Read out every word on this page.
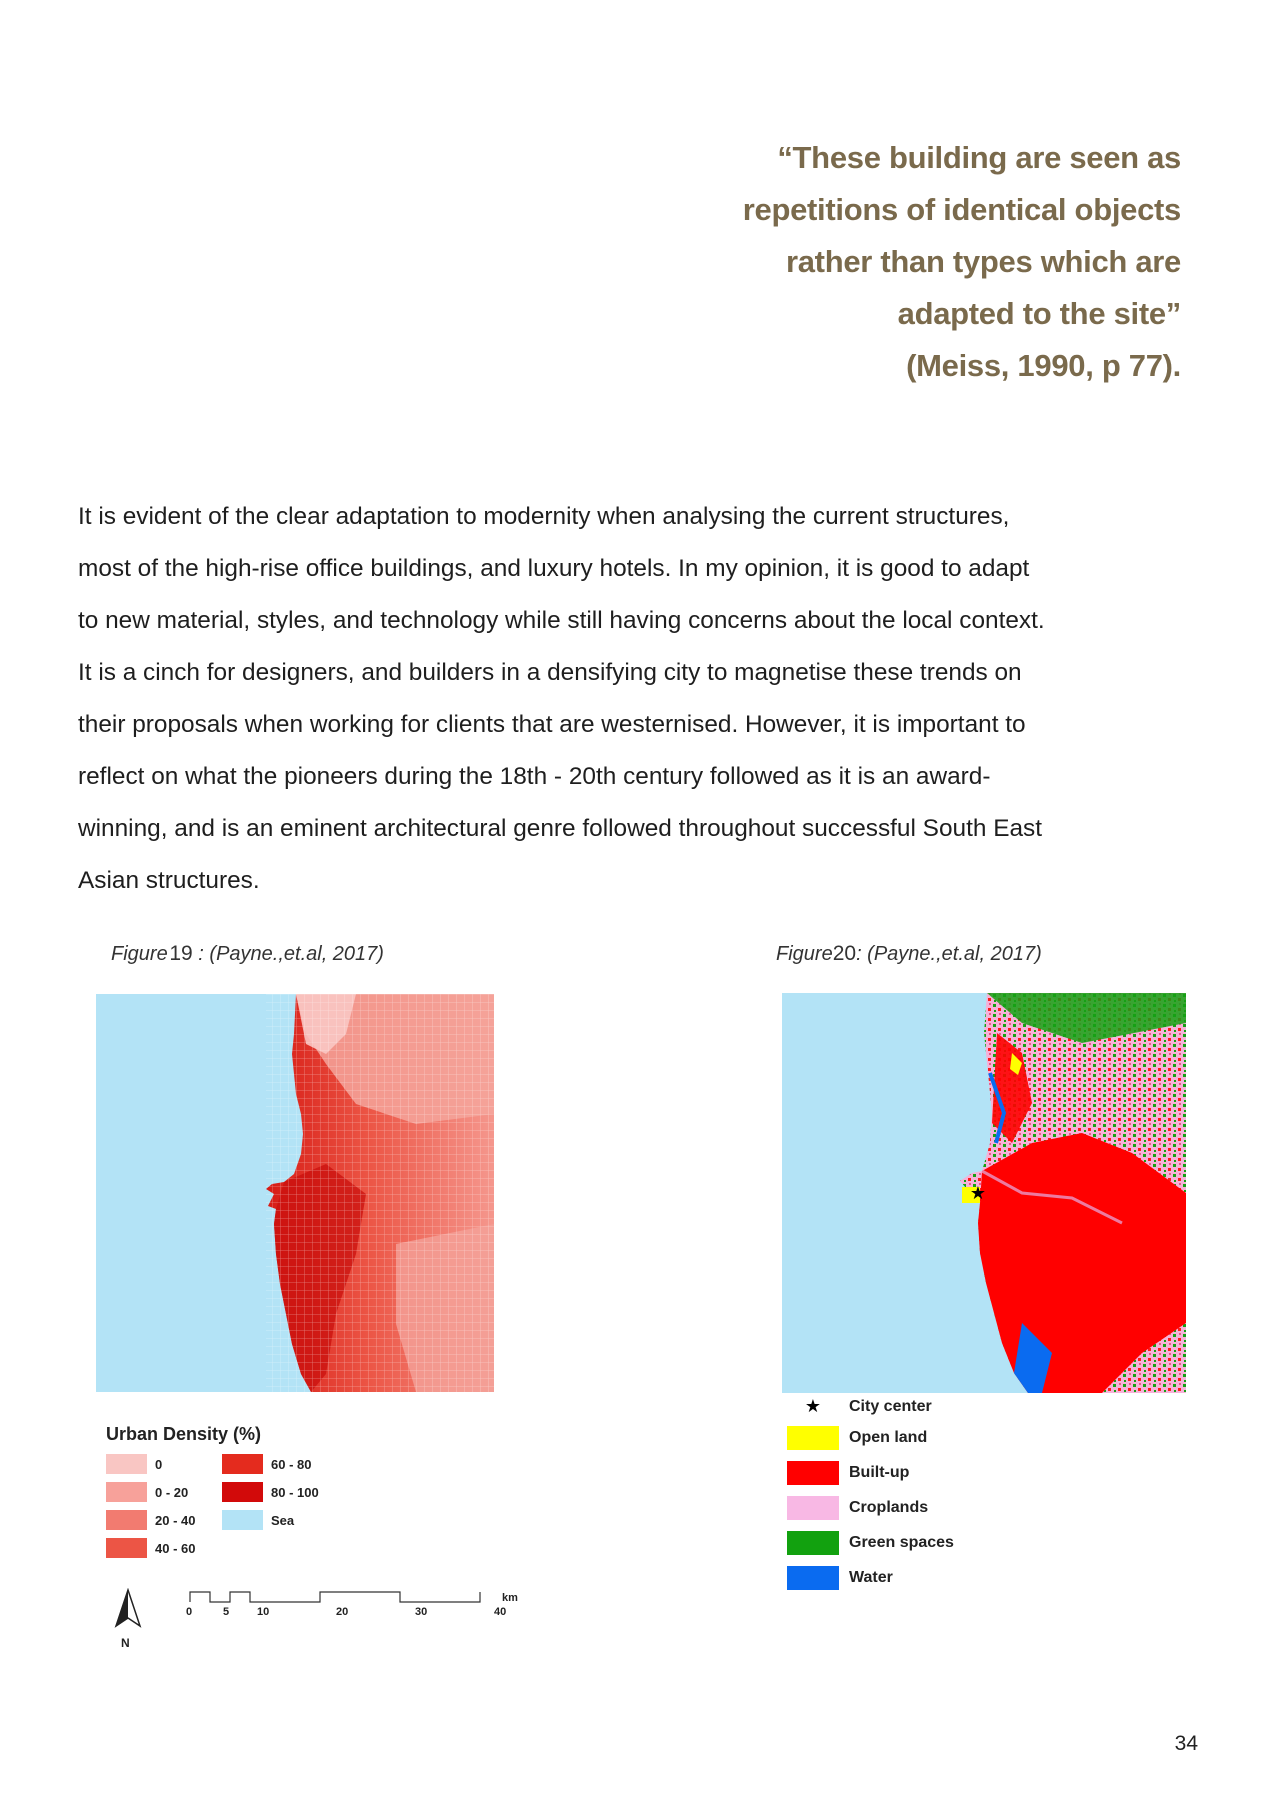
“These building are seen as
repetitions of identical objects
rather than types which are
adapted to the site”
(Meiss, 1990, p 77).
It is evident of the clear adaptation to modernity when analysing the current structures,
most of the high-rise office buildings, and luxury hotels. In my opinion, it is good to adapt
to new material, styles, and technology while still having concerns about the local context.
It is a cinch for designers, and builders in a densifying city to magnetise these trends on
their proposals when working for clients that are westernised. However, it is important to
reflect on what the pioneers during the 18th - 20th century followed as it is an award-
winning, and is an eminent architectural genre followed throughout successful South East
Asian structures.
Figure 19 : (Payne.,et.al, 2017)	Figure20: (Payne.,et.al, 2017)
Urban Density (%)
0
0 - 20
20 - 40
40 - 60
60 - 80
80 - 100
Sea
N
0	5	10	20	30	40
km
★
★	City center
Open land
Built-up
Croplands
Green spaces
Water
34
